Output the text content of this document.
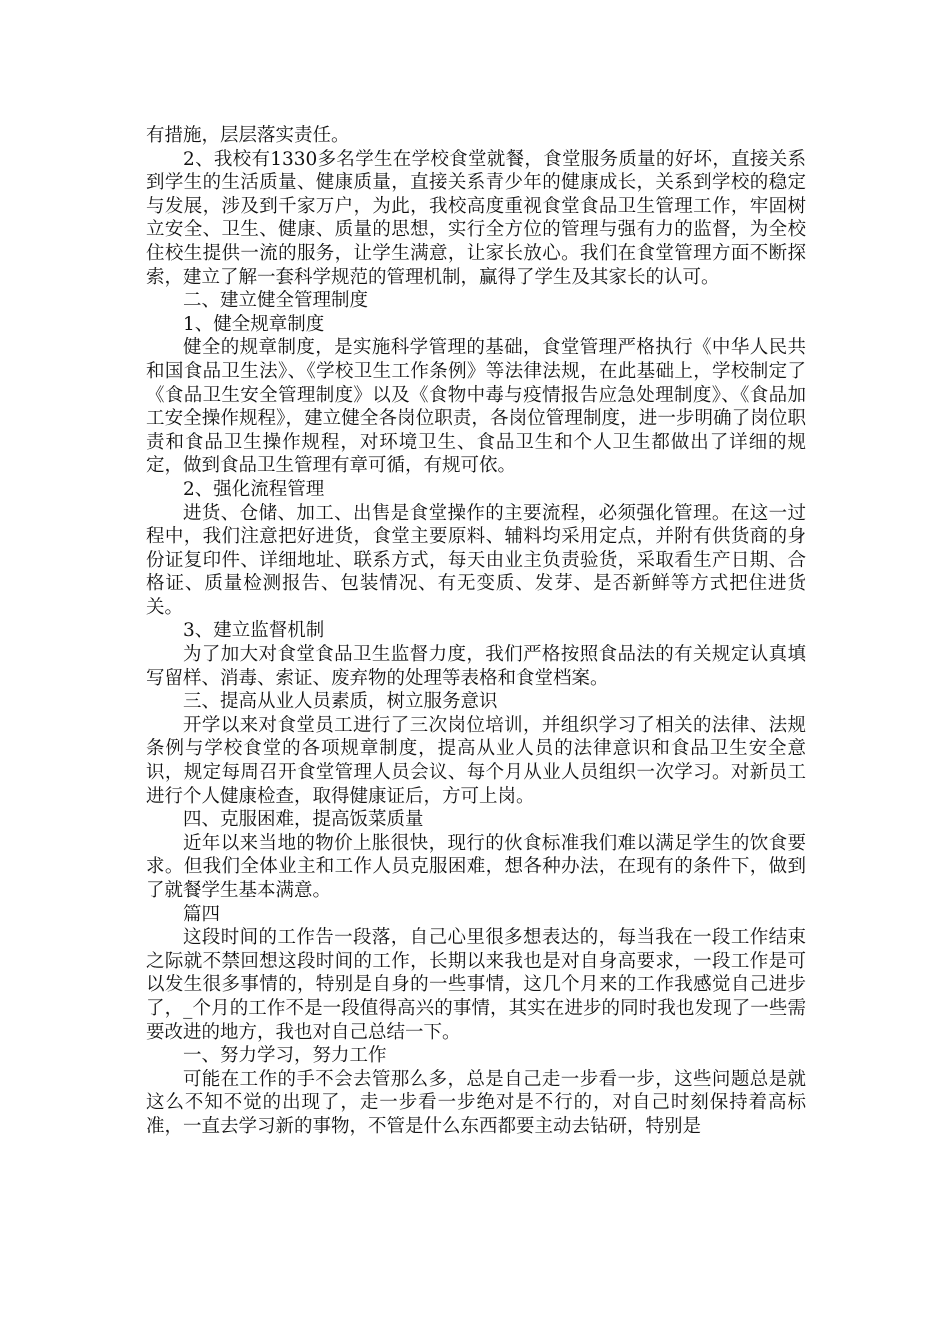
有措施，层层落实责任。

2、我校有1330多名学生在学校食堂就餐，食堂服务质量的好坏，直接关系到学生的生活质量、健康质量，直接关系青少年的健康成长，关系到学校的稳定与发展，涉及到千家万户，为此，我校高度重视食堂食品卫生管理工作，牢固树立安全、卫生、健康、质量的思想，实行全方位的管理与强有力的监督，为全校住校生提供一流的服务，让学生满意，让家长放心。我们在食堂管理方面不断探索，建立了解一套科学规范的管理机制，赢得了学生及其家长的认可。

二、建立健全管理制度

1、健全规章制度

健全的规章制度，是实施科学管理的基础，食堂管理严格执行《中华人民共和国食品卫生法》、《学校卫生工作条例》等法律法规，在此基础上，学校制定了《食品卫生安全管理制度》以及《食物中毒与疫情报告应急处理制度》、《食品加工安全操作规程》，建立健全各岗位职责，各岗位管理制度，进一步明确了岗位职责和食品卫生操作规程，对环境卫生、食品卫生和个人卫生都做出了详细的规定，做到食品卫生管理有章可循，有规可依。

2、强化流程管理

进货、仓储、加工、出售是食堂操作的主要流程，必须强化管理。在这一过程中，我们注意把好进货，食堂主要原料、辅料均采用定点，并附有供货商的身份证复印件、详细地址、联系方式，每天由业主负责验货，采取看生产日期、合格证、质量检测报告、包装情况、有无变质、发芽、是否新鲜等方式把住进货关。

3、建立监督机制

为了加大对食堂食品卫生监督力度，我们严格按照食品法的有关规定认真填写留样、消毒、索证、废弃物的处理等表格和食堂档案。

三、提高从业人员素质，树立服务意识

开学以来对食堂员工进行了三次岗位培训，并组织学习了相关的法律、法规条例与学校食堂的各项规章制度，提高从业人员的法律意识和食品卫生安全意识，规定每周召开食堂管理人员会议、每个月从业人员组织一次学习。对新员工进行个人健康检查，取得健康证后，方可上岗。

四、克服困难，提高饭菜质量

近年以来当地的物价上胀很快，现行的伙食标准我们难以满足学生的饮食要求。但我们全体业主和工作人员克服困难，想各种办法，在现有的条件下，做到了就餐学生基本满意。

篇四

这段时间的工作告一段落，自己心里很多想表达的，每当我在一段工作结束之际就不禁回想这段时间的工作，长期以来我也是对自身高要求，一段工作是可以发生很多事情的，特别是自身的一些事情，这几个月来的工作我感觉自己进步了，_个月的工作不是一段值得高兴的事情，其实在进步的同时我也发现了一些需要改进的地方，我也对自己总结一下。

一、努力学习，努力工作

可能在工作的手不会去管那么多，总是自己走一步看一步，这些问题总是就这么不知不觉的出现了，走一步看一步绝对是不行的，对自己时刻保持着高标准，一直去学习新的事物，不管是什么东西都要主动去钻研，特别是
